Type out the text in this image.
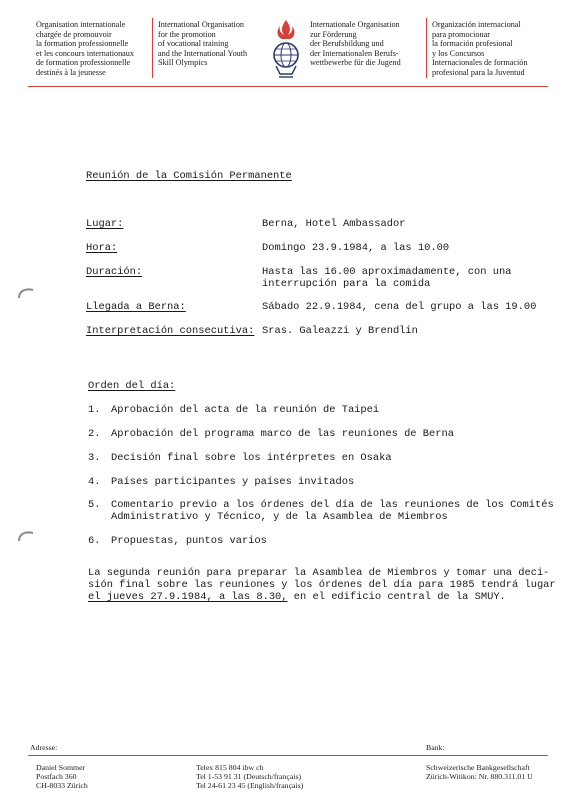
Organisation internationale
chargée de promouvoir
la formation professionnelle
et les concours internationaux
de formation professionnelle
destinés à la jeunesse
International Organisation
for the promotion
of vocational training
and the International Youth
Skill Olympics
Internationale Organisation
zur Förderung
der Berufsbildung und
der Internationalen Berufs-
wettbewerbe für die Jugend
Organización internacional
para promocionar
la formación profesional
y los Concursos
Internacionales de formación
profesional para la Juventud
Reunión de la Comisión Permanente
Lugar:	Berna, Hotel Ambassador
Hora:	Domingo 23.9.1984, a las 10.00
Duración:	Hasta las 16.00 aproximadamente, con una
interrupción para la comida
Llegada a Berna:	Sábado 22.9.1984, cena del grupo a las 19.00
Interpretación consecutiva: Sras. Galeazzi y Brendlin
Orden del día:
1. Aprobación del acta de la reunión de Taipei
2. Aprobación del programa marco de las reuniones de Berna
3. Decisión final sobre los intérpretes en Osaka
4. Países participantes y países invitados
5. Comentario previo a los órdenes del día de las reuniones de los Comités
Administrativo y Técnico, y de la Asamblea de Miembros
6. Propuestas, puntos varios
La segunda reunión para preparar la Asamblea de Miembros y tomar una deci-
sión final sobre las reuniones y los órdenes del día para 1985 tendrá lugar
el jueves 27.9.1984, a las 8.30, en el edificio central de la SMUY.
Adresse:	Bank:
Daniel Sommer
Postfach 360
CH-8033 Zürich
Telex 815 804 ibw ch
Tel 1-53 91 31 (Deutsch/français)
Tel 24-61 23 45 (English/français)
Schweizerische Bankgesellschaft
Zürich-Witikon: Nr. 880.311.01 U
